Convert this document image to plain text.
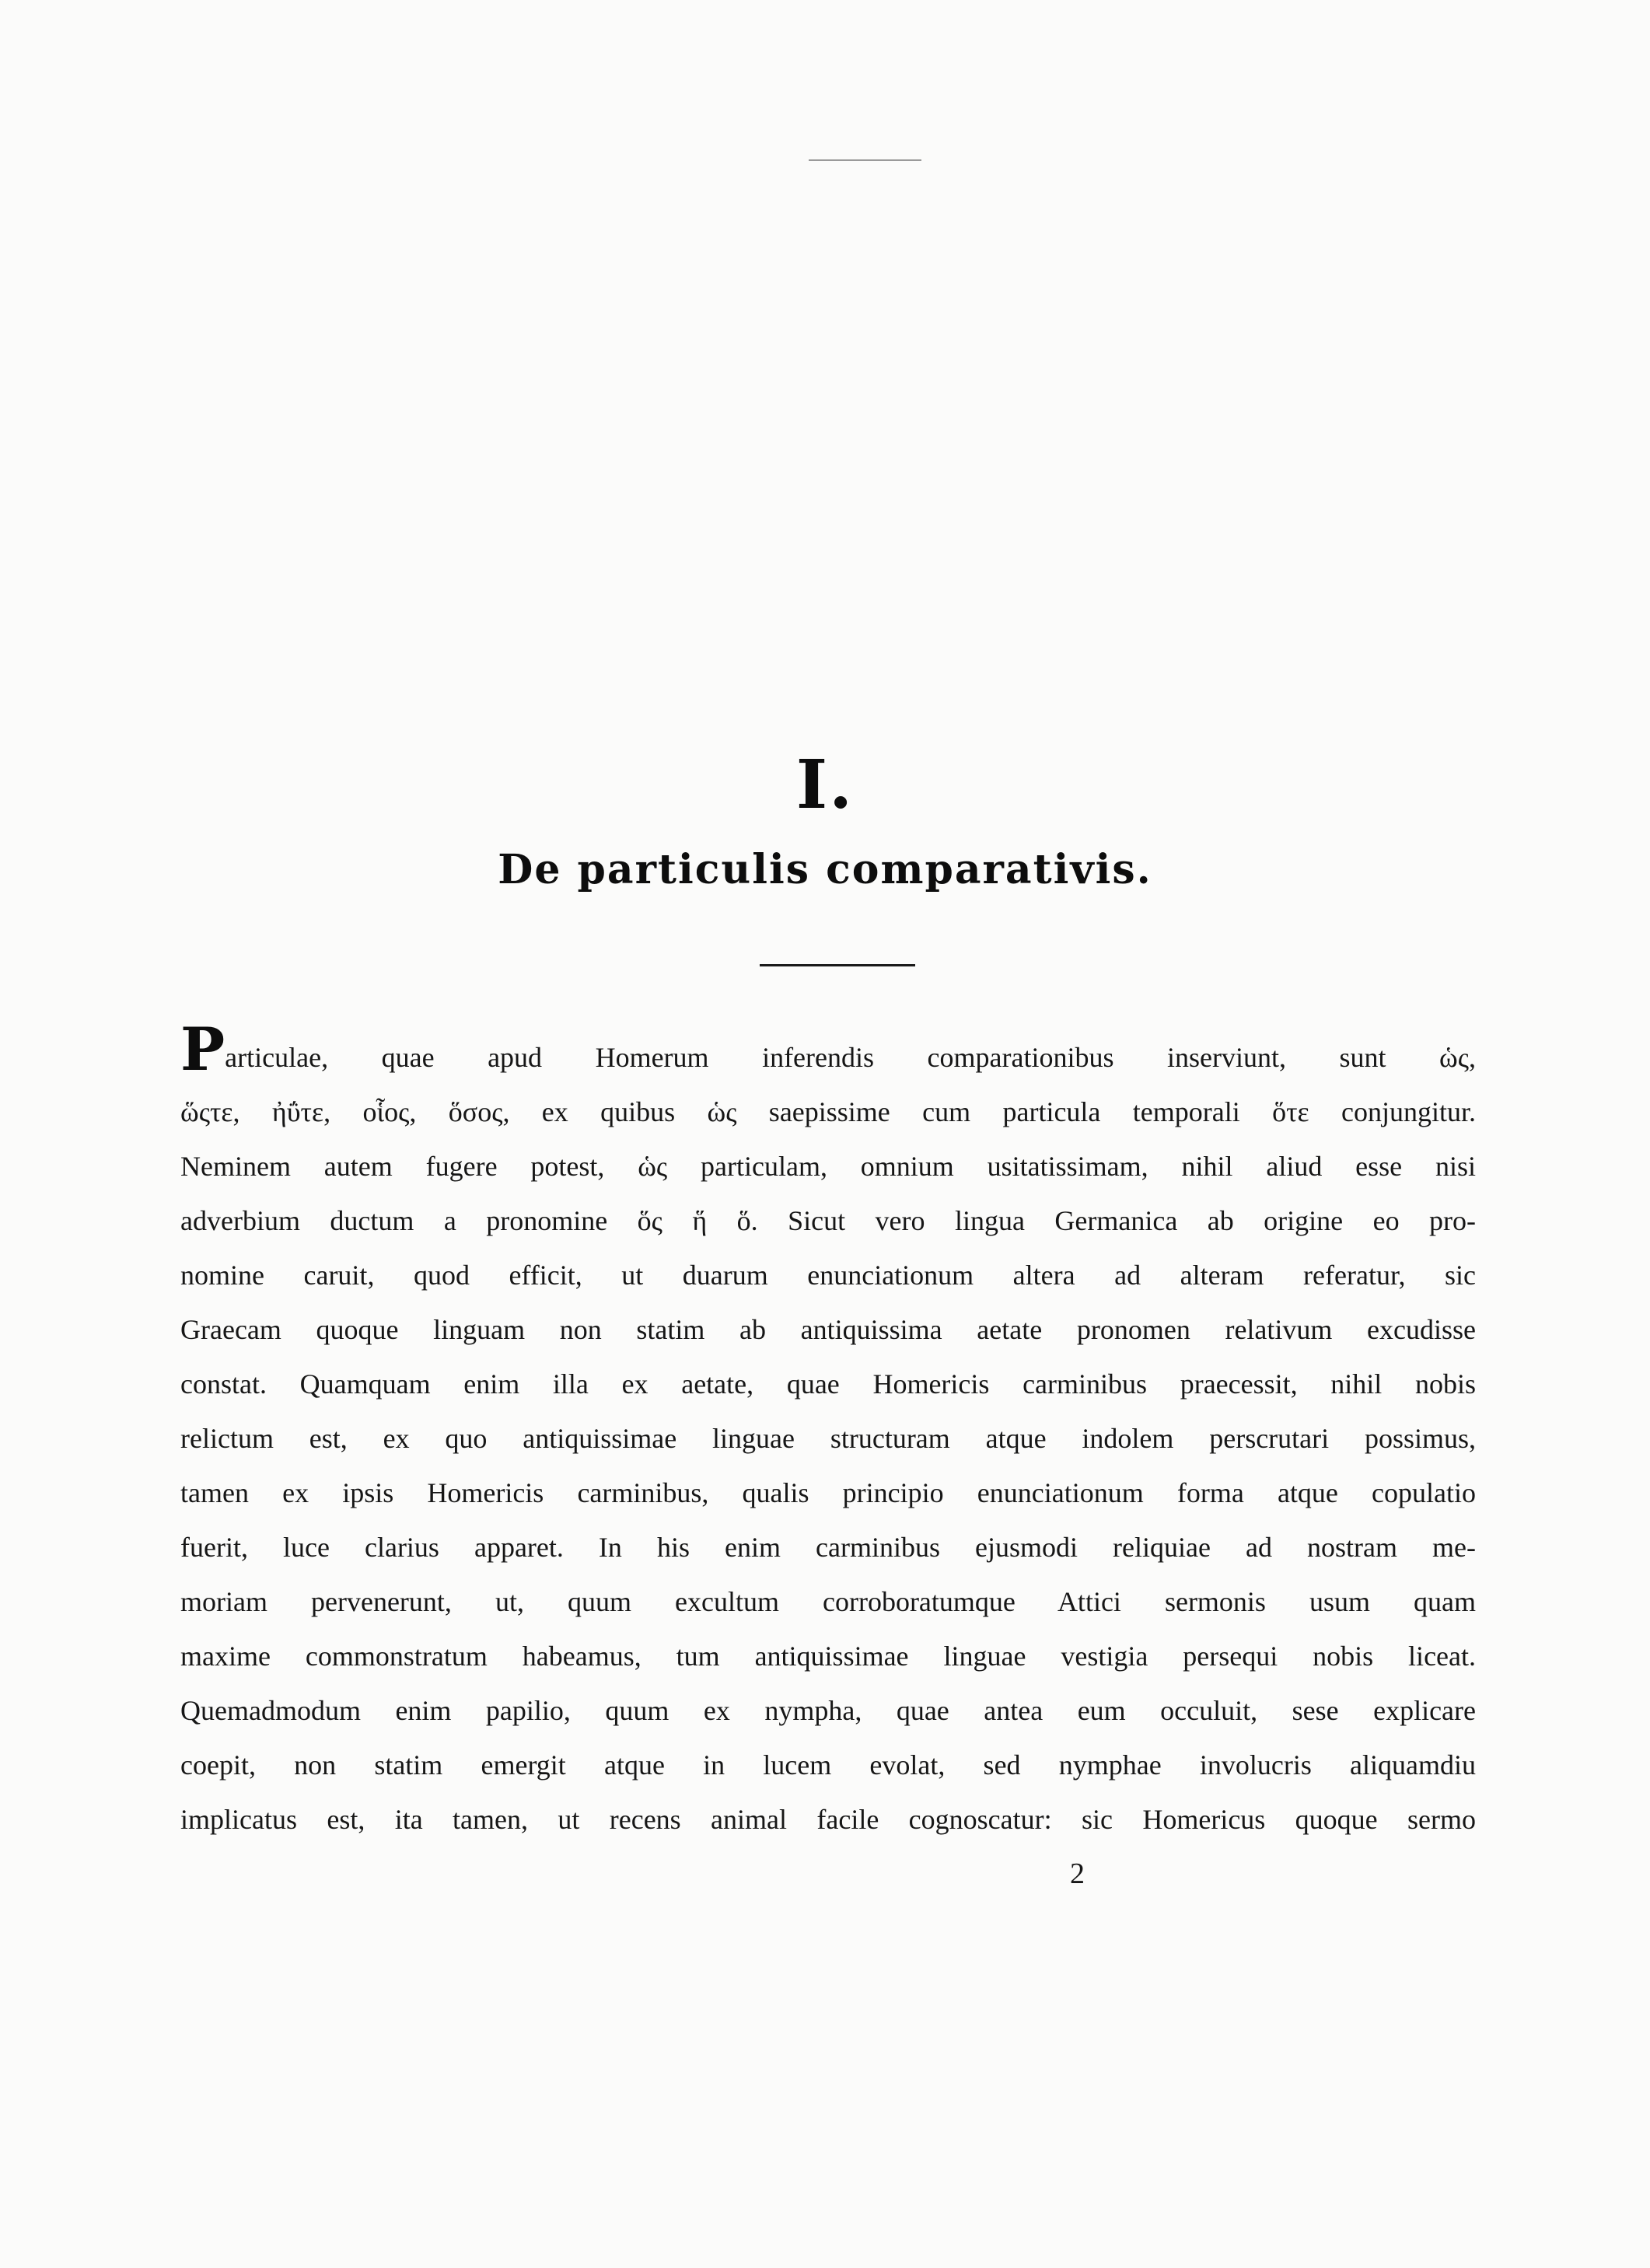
I.
De particulis comparativis.
Particulae, quae apud Homerum inferendis comparationibus inserviunt, sunt ὡς,
ὥςτε, ἠΰτε, οἷος, ὅσος, ex quibus ὡς saepissime cum particula temporali ὅτε conjungitur.
Neminem autem fugere potest, ὡς particulam, omnium usitatissimam, nihil aliud esse nisi
adverbium ductum a pronomine ὅς ἥ ὅ. Sicut vero lingua Germanica ab origine eo pro-
nomine caruit, quod efficit, ut duarum enunciationum altera ad alteram referatur, sic
Graecam quoque linguam non statim ab antiquissima aetate pronomen relativum excudisse
constat. Quamquam enim illa ex aetate, quae Homericis carminibus praecessit, nihil nobis
relictum est, ex quo antiquissimae linguae structuram atque indolem perscrutari possimus,
tamen ex ipsis Homericis carminibus, qualis principio enunciationum forma atque copulatio
fuerit, luce clarius apparet. In his enim carminibus ejusmodi reliquiae ad nostram me-
moriam pervenerunt, ut, quum excultum corroboratumque Attici sermonis usum quam
maxime commonstratum habeamus, tum antiquissimae linguae vestigia persequi nobis liceat.
Quemadmodum enim papilio, quum ex nympha, quae antea eum occuluit, sese explicare
coepit, non statim emergit atque in lucem evolat, sed nymphae involucris aliquamdiu
implicatus est, ita tamen, ut recens animal facile cognoscatur: sic Homericus quoque sermo
2
